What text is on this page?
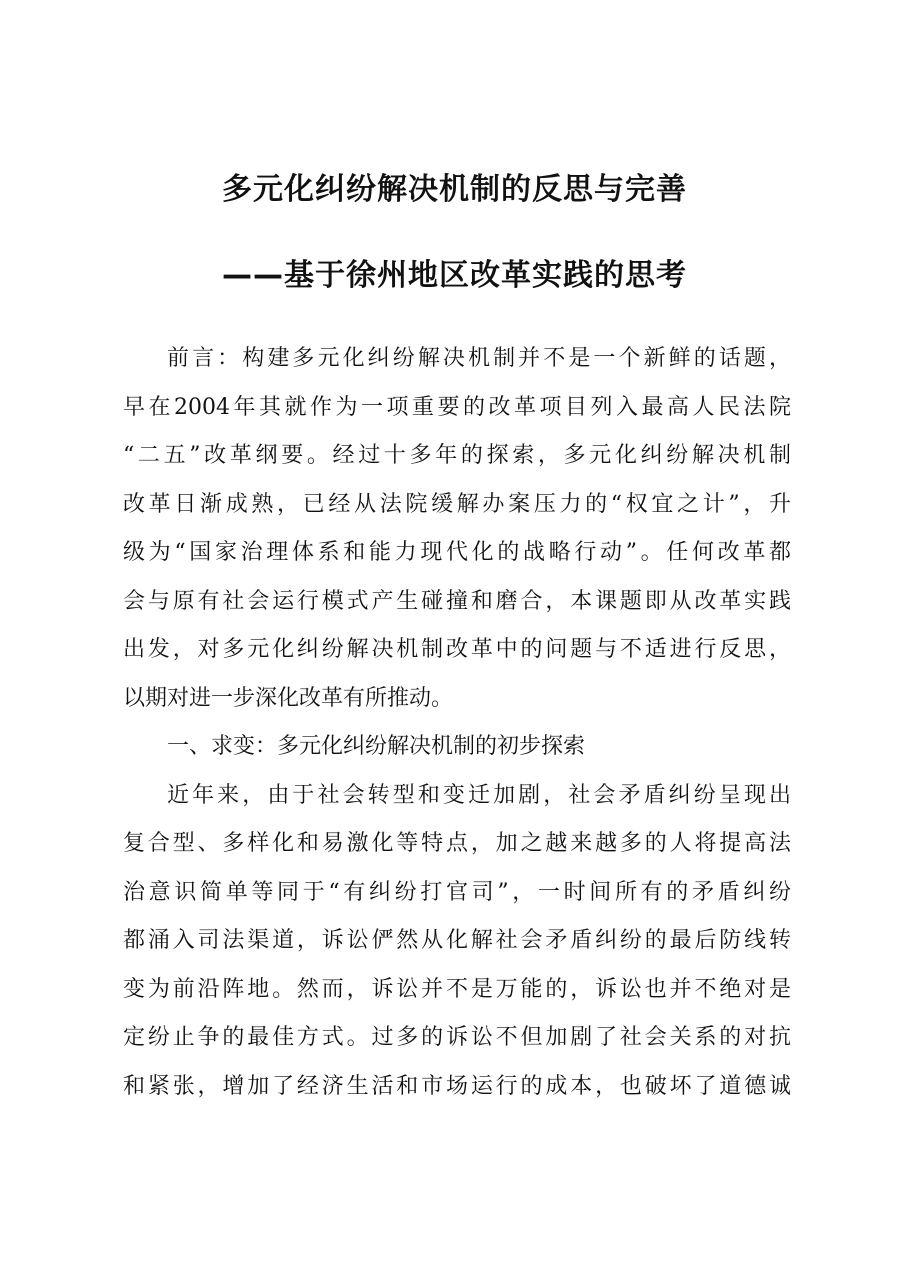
多元化纠纷解决机制的反思与完善
——基于徐州地区改革实践的思考
前言：构建多元化纠纷解决机制并不是一个新鲜的话题，
早在2004年其就作为一项重要的改革项目列入最高人民法院
“二五”改革纲要。经过十多年的探索，多元化纠纷解决机制
改革日渐成熟，已经从法院缓解办案压力的“权宜之计”，升
级为“国家治理体系和能力现代化的战略行动”。任何改革都
会与原有社会运行模式产生碰撞和磨合，本课题即从改革实践
出发，对多元化纠纷解决机制改革中的问题与不适进行反思，
以期对进一步深化改革有所推动。
一、求变：多元化纠纷解决机制的初步探索
近年来，由于社会转型和变迁加剧，社会矛盾纠纷呈现出
复合型、多样化和易激化等特点，加之越来越多的人将提高法
治意识简单等同于“有纠纷打官司”，一时间所有的矛盾纠纷
都涌入司法渠道，诉讼俨然从化解社会矛盾纠纷的最后防线转
变为前沿阵地。然而，诉讼并不是万能的，诉讼也并不绝对是
定纷止争的最佳方式。过多的诉讼不但加剧了社会关系的对抗
和紧张，增加了经济生活和市场运行的成本，也破坏了道德诚
